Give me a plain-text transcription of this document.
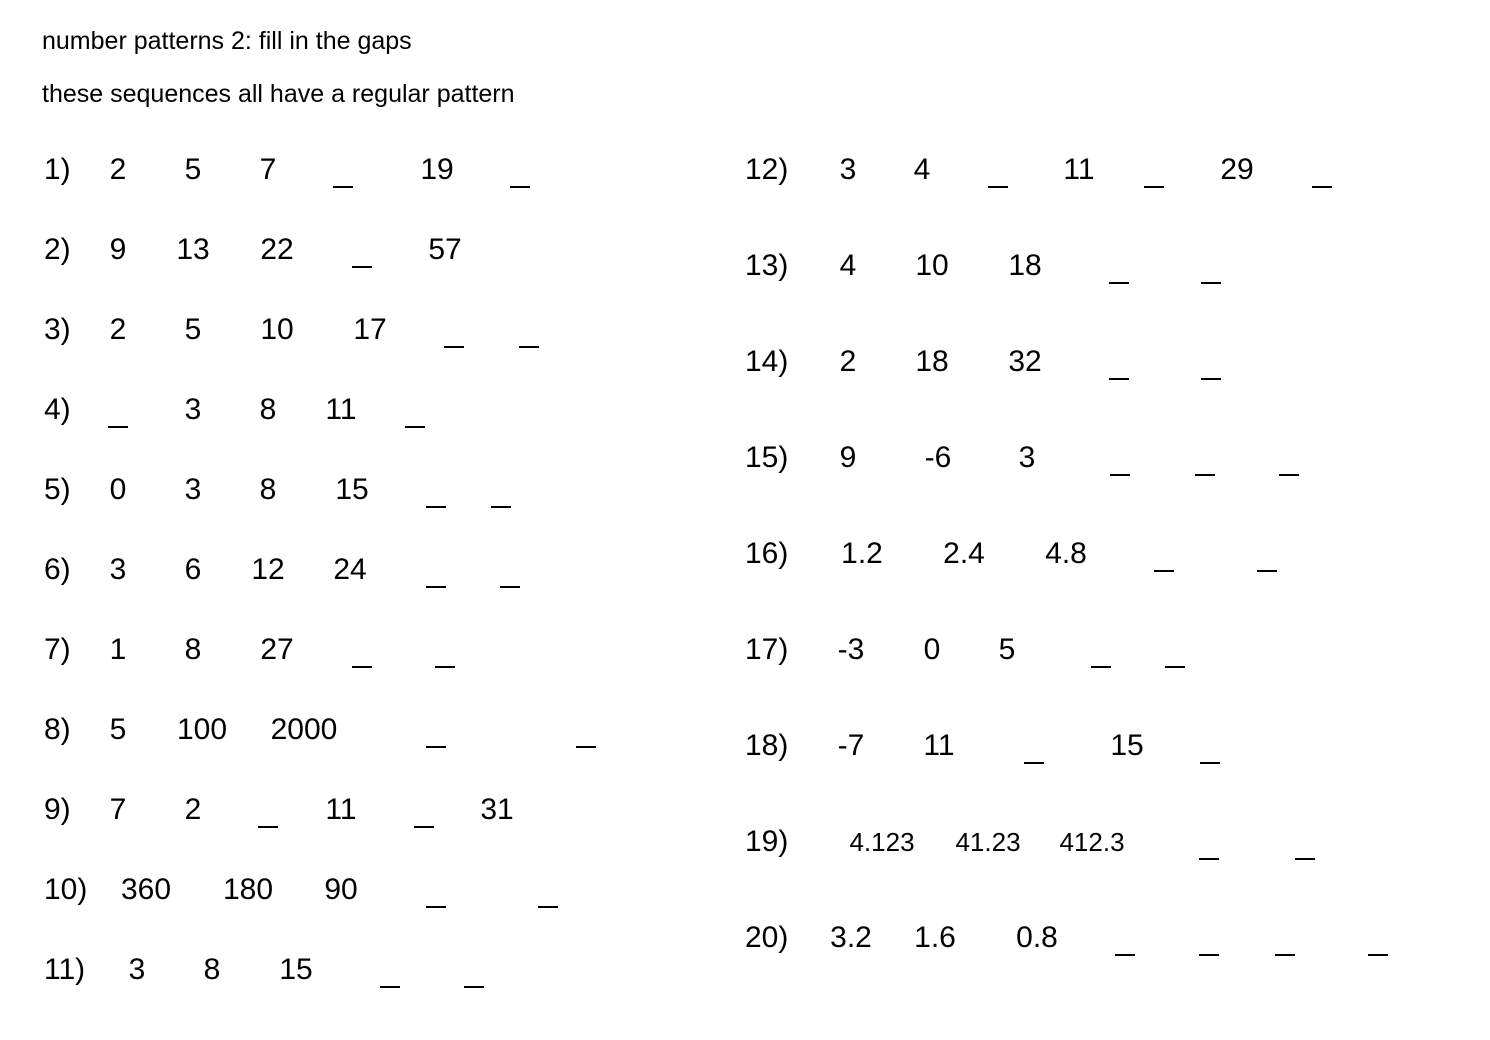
number patterns 2: fill in the gaps
these sequences all have a regular pattern
1) 2 5 7	19
2) 9 13 22	57
3) 2 5 10 17
4)	3 8 11
5) 0 3 8 15
6) 3 6 12 24
7) 1 8 27
8) 5 100 2000
9) 7 2	11	31
10) 360 180 90
11) 3 8 15
12) 3 4	11	29
13) 4 10 18
14) 2 18 32
15) 9 -6 3
16) 1.2 2.4 4.8
17) -3 0 5
18) -7 11	15
19) 4.123 41.23 412.3
20) 3.2 1.6 0.8
